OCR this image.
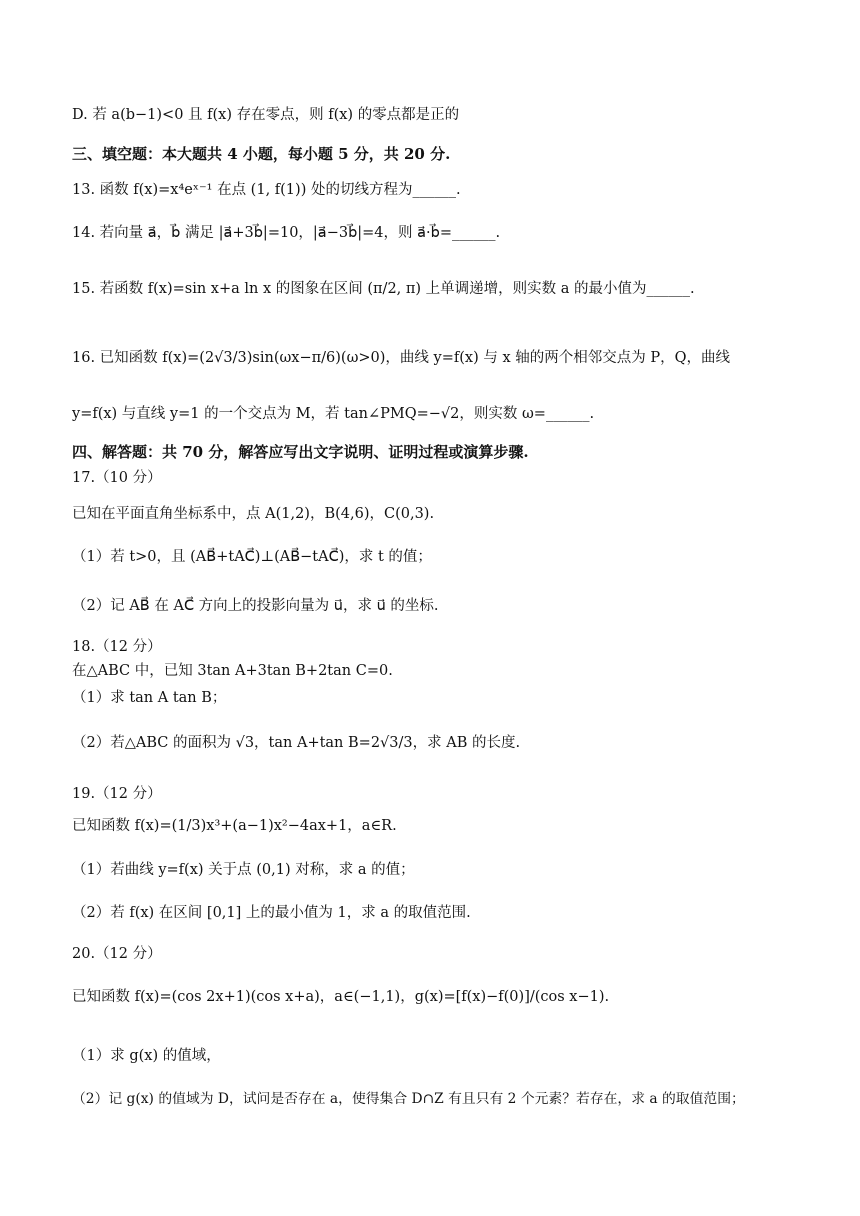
D. 若 a(b−1)<0 且 f(x) 存在零点，则 f(x) 的零点都是正的
三、填空题：本大题共 4 小题，每小题 5 分，共 20 分.
13. 函数 f(x)=x⁴eˣ⁻¹ 在点 (1, f(1)) 处的切线方程为______.
14. 若向量 a⃗，b⃗ 满足 |a⃗+3b⃗|=10，|a⃗−3b⃗|=4，则 a⃗·b⃗=______.
15. 若函数 f(x)=sin x+a ln x 的图象在区间 (π/2, π) 上单调递增，则实数 a 的最小值为______.
16. 已知函数 f(x)=(2√3/3)sin(ωx−π/6)(ω>0)，曲线 y=f(x) 与 x 轴的两个相邻交点为 P，Q，曲线
y=f(x) 与直线 y=1 的一个交点为 M，若 tan∠PMQ=−√2，则实数 ω=______.
四、解答题：共 70 分，解答应写出文字说明、证明过程或演算步骤.
17.（10 分）
已知在平面直角坐标系中，点 A(1,2)，B(4,6)，C(0,3).
（1）若 t>0，且 (AB⃗+tAC⃗)⊥(AB⃗−tAC⃗)，求 t 的值；
（2）记 AB⃗ 在 AC⃗ 方向上的投影向量为 u⃗，求 u⃗ 的坐标.
18.（12 分）
在△ABC 中，已知 3tan A+3tan B+2tan C=0.
（1）求 tan A tan B；
（2）若△ABC 的面积为 √3，tan A+tan B=2√3/3，求 AB 的长度.
19.（12 分）
已知函数 f(x)=(1/3)x³+(a−1)x²−4ax+1，a∈R.
（1）若曲线 y=f(x) 关于点 (0,1) 对称，求 a 的值；
（2）若 f(x) 在区间 [0,1] 上的最小值为 1，求 a 的取值范围.
20.（12 分）
已知函数 f(x)=(cos 2x+1)(cos x+a)，a∈(−1,1)，g(x)=[f(x)−f(0)]/(cos x−1).
（1）求 g(x) 的值域，
（2）记 g(x) 的值域为 D，试问是否存在 a，使得集合 D∩Z 有且只有 2 个元素？若存在，求 a 的取值范围；
